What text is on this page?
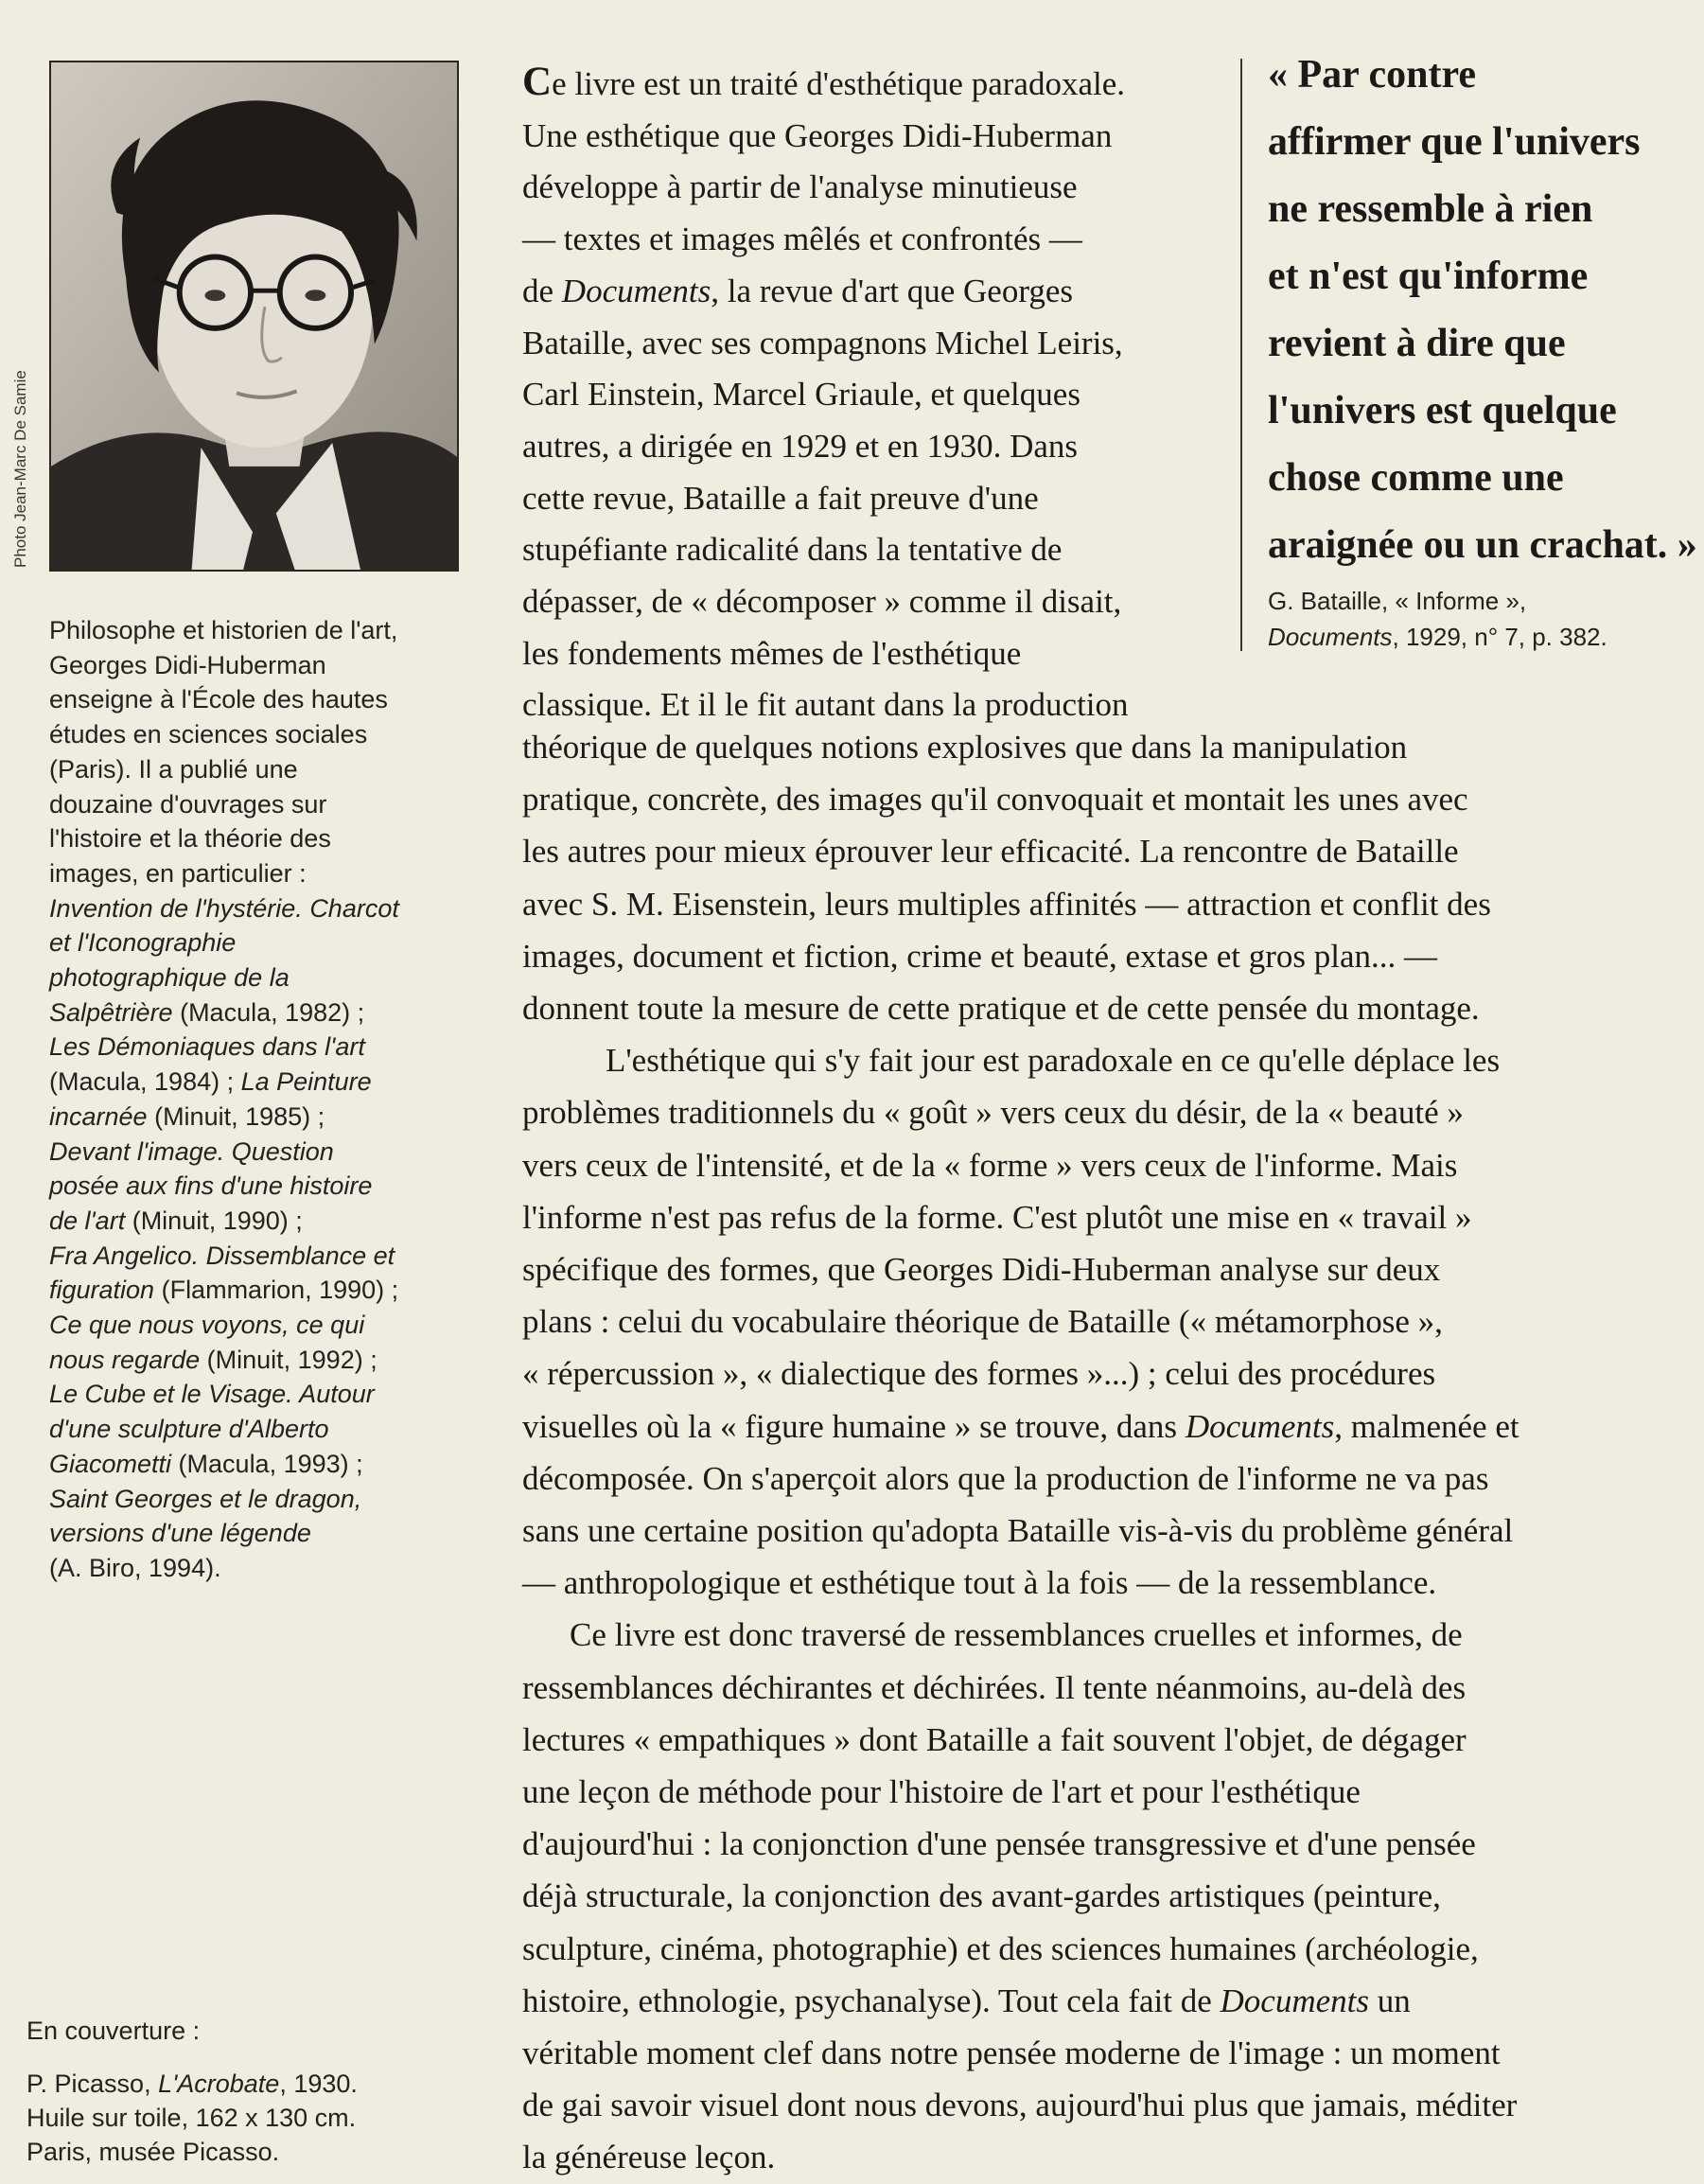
Photo Jean-Marc De Samie
Philosophe et historien de l'art,
Georges Didi-Huberman
enseigne à l'École des hautes
études en sciences sociales
(Paris). Il a publié une
douzaine d'ouvrages sur
l'histoire et la théorie des
images, en particulier :
Invention de l'hystérie. Charcot
et l'Iconographie
photographique de la
Salpêtrière (Macula, 1982) ;
Les Démoniaques dans l'art
(Macula, 1984) ; La Peinture
incarnée (Minuit, 1985) ;
Devant l'image. Question
posée aux fins d'une histoire
de l'art (Minuit, 1990) ;
Fra Angelico. Dissemblance et
figuration (Flammarion, 1990) ;
Ce que nous voyons, ce qui
nous regarde (Minuit, 1992) ;
Le Cube et le Visage. Autour
d'une sculpture d'Alberto
Giacometti (Macula, 1993) ;
Saint Georges et le dragon,
versions d'une légende
(A. Biro, 1994).
En couverture :
P. Picasso, L'Acrobate, 1930.
Huile sur toile, 162 x 130 cm.
Paris, musée Picasso.
Ce livre est un traité d'esthétique paradoxale.
Une esthétique que Georges Didi-Huberman
développe à partir de l'analyse minutieuse
— textes et images mêlés et confrontés —
de Documents, la revue d'art que Georges
Bataille, avec ses compagnons Michel Leiris,
Carl Einstein, Marcel Griaule, et quelques
autres, a dirigée en 1929 et en 1930. Dans
cette revue, Bataille a fait preuve d'une
stupéfiante radicalité dans la tentative de
dépasser, de « décomposer » comme il disait,
les fondements mêmes de l'esthétique
classique. Et il le fit autant dans la production
théorique de quelques notions explosives que dans la manipulation
pratique, concrète, des images qu'il convoquait et montait les unes avec
les autres pour mieux éprouver leur efficacité. La rencontre de Bataille
avec S. M. Eisenstein, leurs multiples affinités — attraction et conflit des
images, document et fiction, crime et beauté, extase et gros plan... —
donnent toute la mesure de cette pratique et de cette pensée du montage.
L'esthétique qui s'y fait jour est paradoxale en ce qu'elle déplace les
problèmes traditionnels du « goût » vers ceux du désir, de la « beauté »
vers ceux de l'intensité, et de la « forme » vers ceux de l'informe. Mais
l'informe n'est pas refus de la forme. C'est plutôt une mise en « travail »
spécifique des formes, que Georges Didi-Huberman analyse sur deux
plans : celui du vocabulaire théorique de Bataille (« métamorphose »,
« répercussion », « dialectique des formes »...) ; celui des procédures
visuelles où la « figure humaine » se trouve, dans Documents, malmenée et
décomposée. On s'aperçoit alors que la production de l'informe ne va pas
sans une certaine position qu'adopta Bataille vis-à-vis du problème général
— anthropologique et esthétique tout à la fois — de la ressemblance.
Ce livre est donc traversé de ressemblances cruelles et informes, de
ressemblances déchirantes et déchirées. Il tente néanmoins, au-delà des
lectures « empathiques » dont Bataille a fait souvent l'objet, de dégager
une leçon de méthode pour l'histoire de l'art et pour l'esthétique
d'aujourd'hui : la conjonction d'une pensée transgressive et d'une pensée
déjà structurale, la conjonction des avant-gardes artistiques (peinture,
sculpture, cinéma, photographie) et des sciences humaines (archéologie,
histoire, ethnologie, psychanalyse). Tout cela fait de Documents un
véritable moment clef dans notre pensée moderne de l'image : un moment
de gai savoir visuel dont nous devons, aujourd'hui plus que jamais, méditer
la généreuse leçon.
« Par contre
affirmer que l'univers
ne ressemble à rien
et n'est qu'informe
revient à dire que
l'univers est quelque
chose comme une
araignée ou un crachat. »
G. Bataille, « Informe »,
Documents, 1929, n° 7, p. 382.
